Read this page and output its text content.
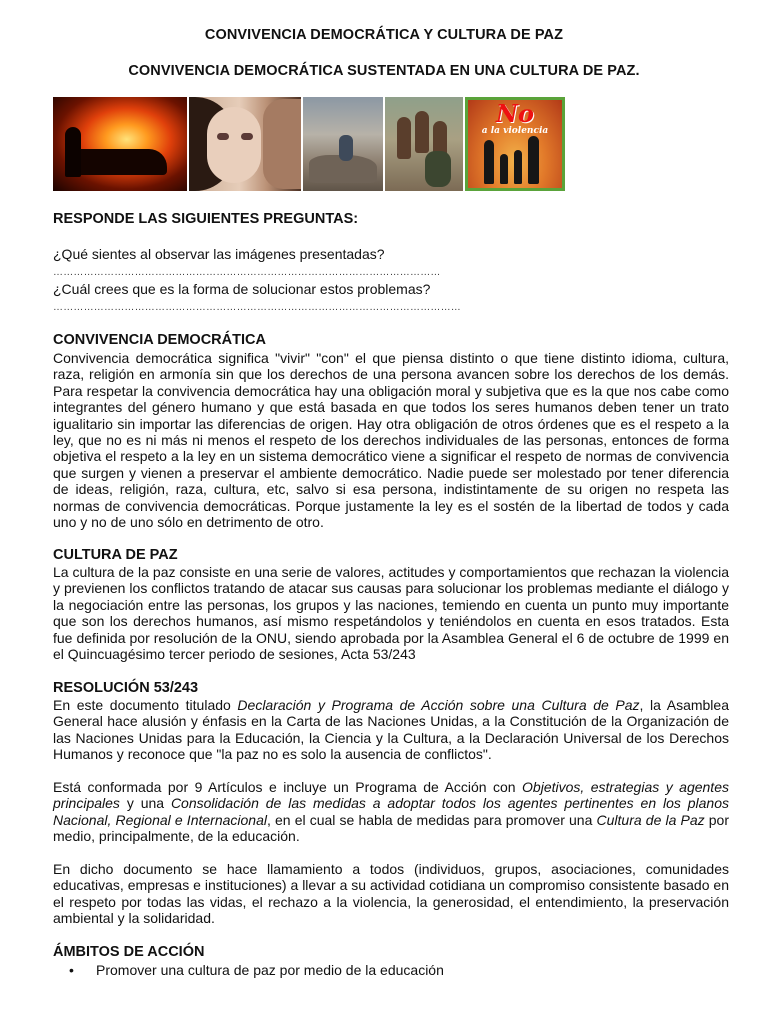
CONVIVENCIA DEMOCRÁTICA Y CULTURA DE PAZ
CONVIVENCIA DEMOCRÁTICA SUSTENTADA EN UNA CULTURA DE PAZ.
No
a la violencia
RESPONDE LAS SIGUIENTES PREGUNTAS:
¿Qué sientes al observar las imágenes presentadas?
……………………………………………………………………………………………………
¿Cuál crees que es la forma de solucionar estos problemas?
…………………………………………………………………………………………………………
CONVIVENCIA DEMOCRÁTICA
Convivencia democrática significa "vivir" "con" el que piensa distinto o que tiene distinto idioma, cultura, raza, religión en armonía sin que los derechos de una persona avancen sobre los derechos de los demás. Para respetar la convivencia democrática hay una obligación moral y subjetiva que es la que nos cabe como integrantes del género humano y que está basada en que todos los seres humanos deben tener un trato igualitario sin importar las diferencias de origen. Hay otra obligación de otros órdenes que es el respeto a la ley, que no es ni más ni menos el respeto de los derechos individuales de las personas, entonces de forma objetiva el respeto a la ley en un sistema democrático viene a significar el respeto de normas de convivencia que surgen y vienen a preservar el ambiente democrático. Nadie puede ser molestado por tener diferencia de ideas, religión, raza, cultura, etc, salvo si esa persona, indistintamente de su origen no respeta las normas de convivencia democráticas. Porque justamente la ley es el sostén de la libertad de todos y cada uno y no de uno sólo en detrimento de otro.
CULTURA DE PAZ
La cultura de la paz consiste en una serie de valores, actitudes y comportamientos que rechazan la violencia y previenen los conflictos tratando de atacar sus causas para solucionar los problemas mediante el diálogo y la negociación entre las personas, los grupos y las naciones, temiendo en cuenta un punto muy importante que son los derechos humanos, así mismo respetándolos y teniéndolos en cuenta en esos tratados. Esta fue definida por resolución de la ONU, siendo aprobada por la Asamblea General el 6 de octubre de 1999 en el Quincuagésimo tercer periodo de sesiones, Acta 53/243
RESOLUCIÓN 53/243
En este documento titulado Declaración y Programa de Acción sobre una Cultura de Paz, la Asamblea General hace alusión y énfasis en la Carta de las Naciones Unidas, a la Constitución de la Organización de las Naciones Unidas para la Educación, la Ciencia y la Cultura, a la Declaración Universal de los Derechos Humanos y reconoce que "la paz no es solo la ausencia de conflictos".
Está conformada por 9 Artículos e incluye un Programa de Acción con Objetivos, estrategias y agentes principales y una Consolidación de las medidas a adoptar todos los agentes pertinentes en los planos Nacional, Regional e Internacional, en el cual se habla de medidas para promover una Cultura de la Paz por medio, principalmente, de la educación.
En dicho documento se hace llamamiento a todos (individuos, grupos, asociaciones, comunidades educativas, empresas e instituciones) a llevar a su actividad cotidiana un compromiso consistente basado en el respeto por todas las vidas, el rechazo a la violencia, la generosidad, el entendimiento, la preservación ambiental y la solidaridad.
ÁMBITOS DE ACCIÓN
• Promover una cultura de paz por medio de la educación
